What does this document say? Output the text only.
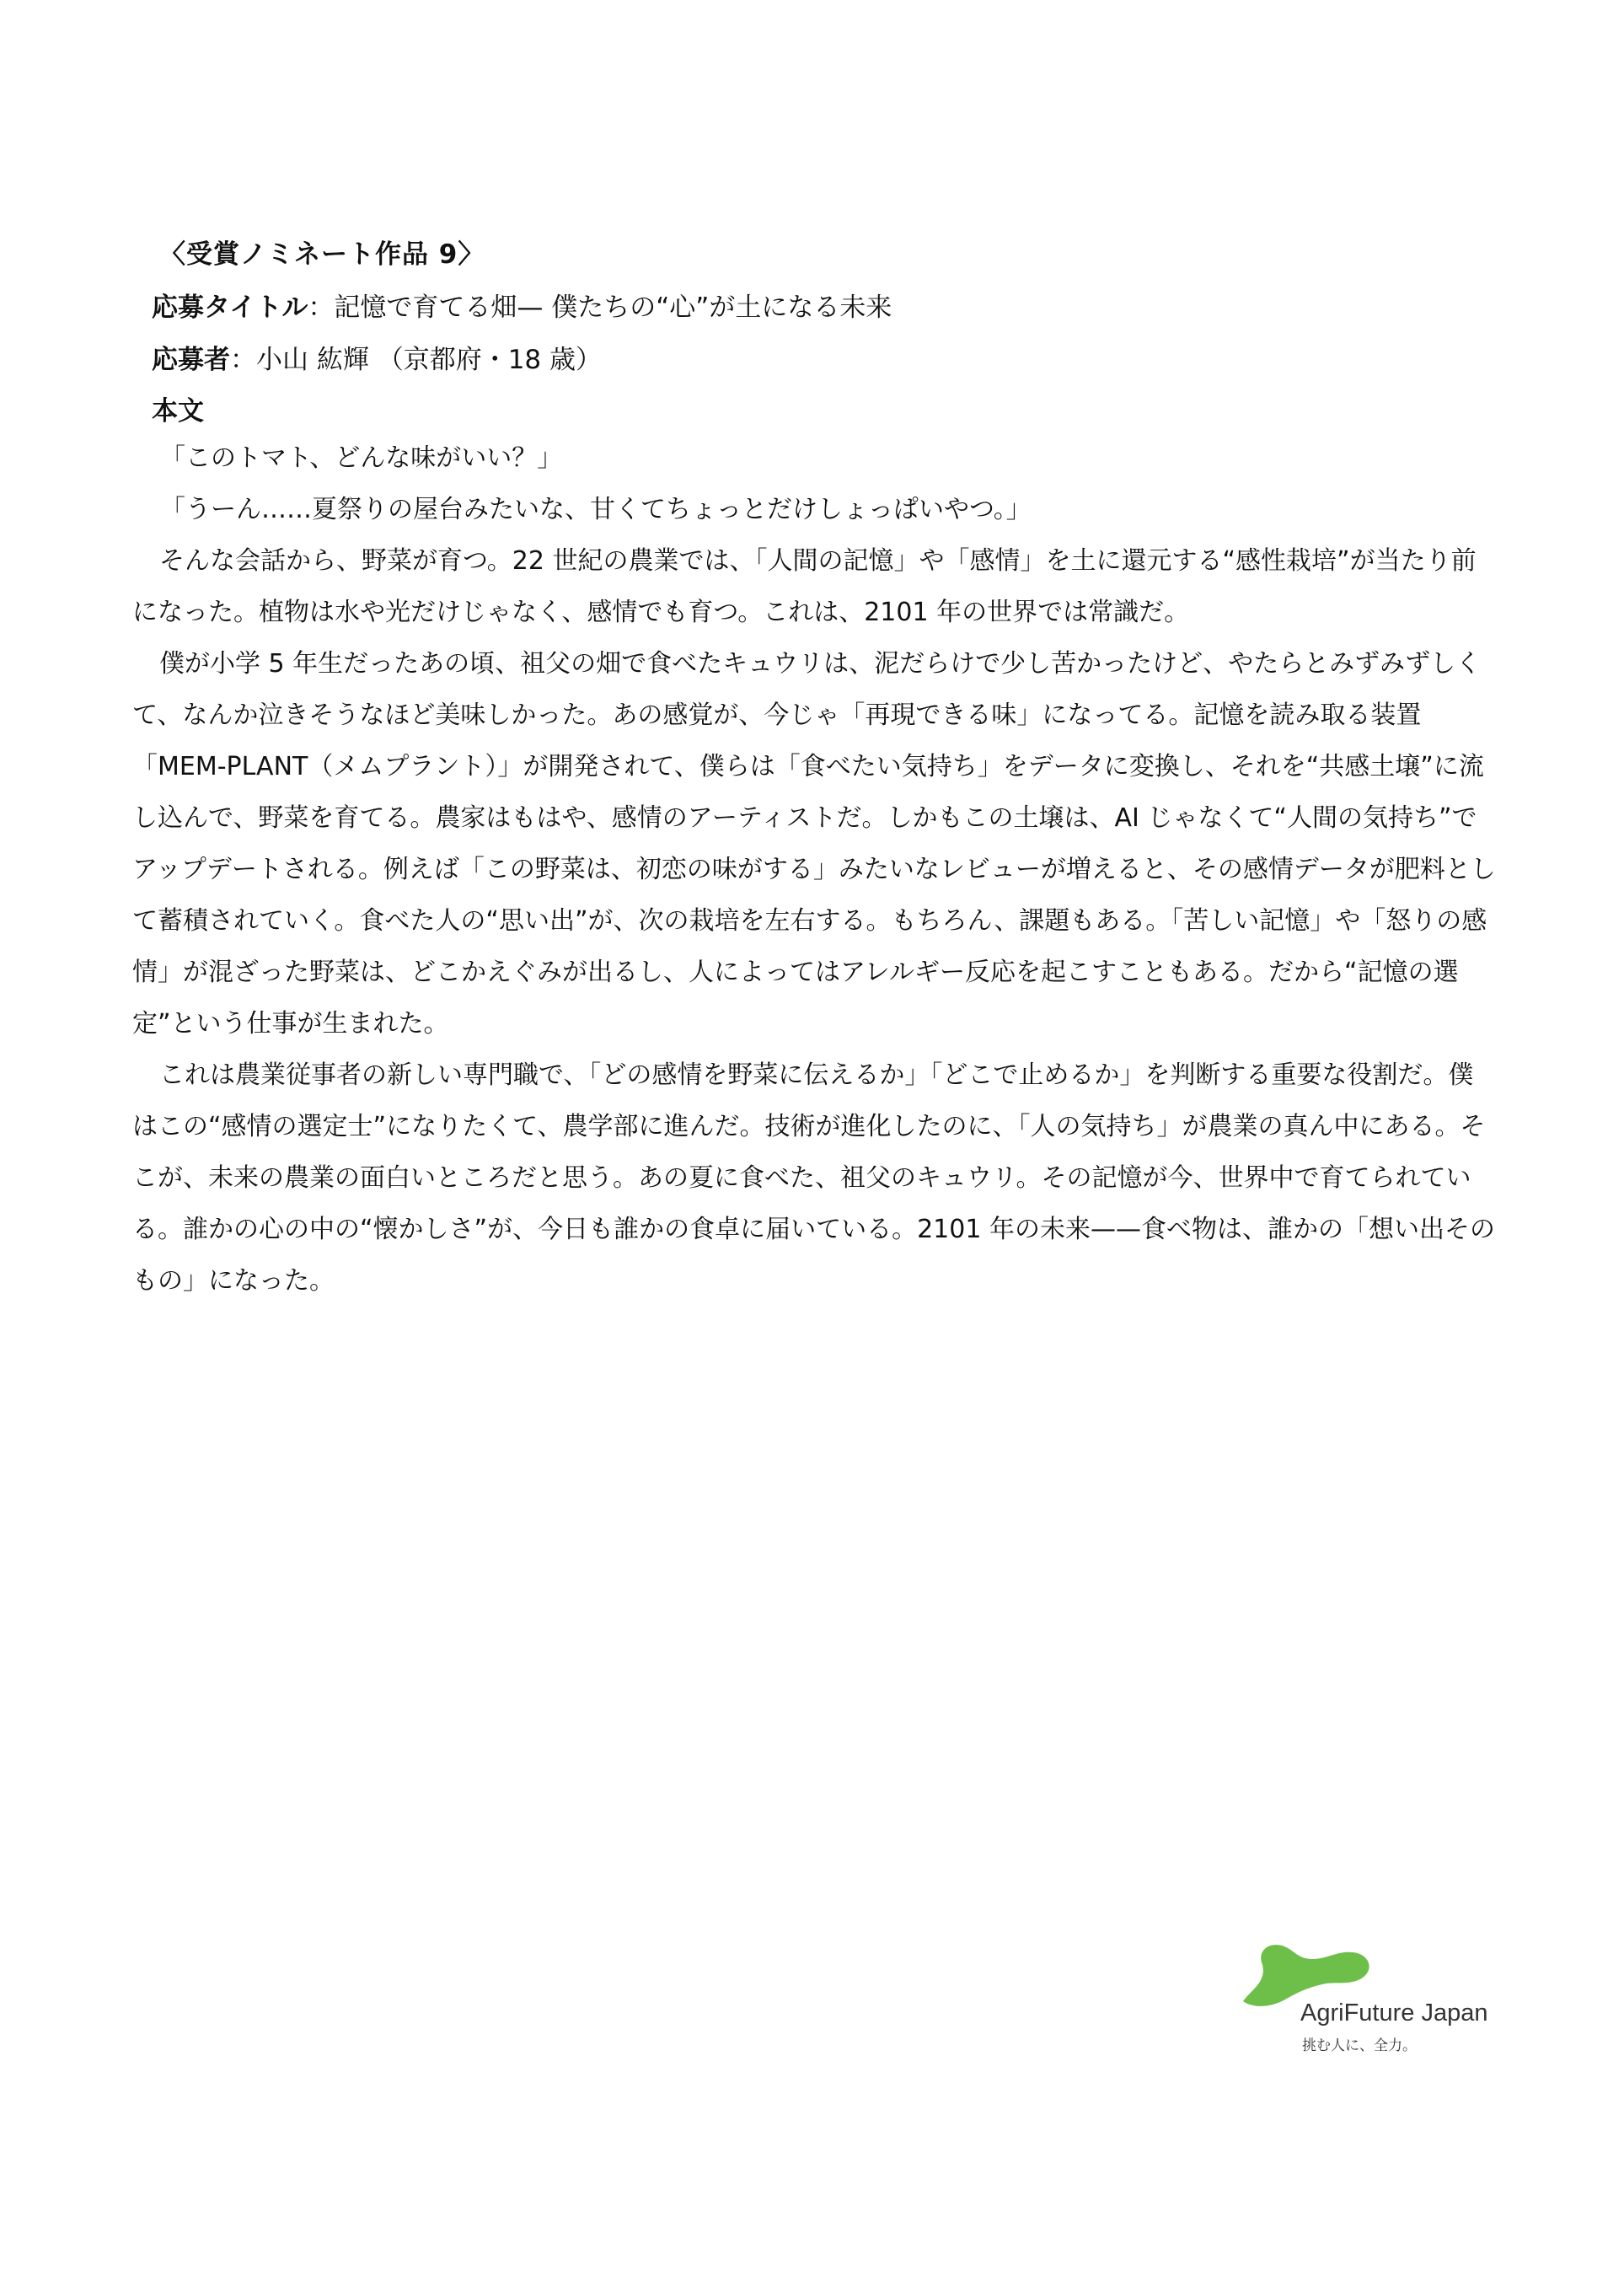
〈受賞ノミネート作品 9〉
応募タイトル：記憶で育てる畑— 僕たちの“心”が土になる未来
応募者：小山 紘輝 （京都府・18 歳）
本文

「このトマト、どんな味がいい？」

「うーん……夏祭りの屋台みたいな、甘くてちょっとだけしょっぱいやつ。」

そんな会話から、野菜が育つ。22 世紀の農業では、「人間の記憶」や「感情」を土に還元する“感性栽培”が当たり前になった。植物は水や光だけじゃなく、感情でも育つ。これは、2101 年の世界では常識だ。

僕が小学 5 年生だったあの頃、祖父の畑で食べたキュウリは、泥だらけで少し苦かったけど、やたらとみずみずしくて、なんか泣きそうなほど美味しかった。あの感覚が、今じゃ「再現できる味」になってる。記憶を読み取る装置「MEM-PLANT（メムプラント）」が開発されて、僕らは「食べたい気持ち」をデータに変換し、それを“共感土壌”に流し込んで、野菜を育てる。農家はもはや、感情のアーティストだ。しかもこの土壌は、AI じゃなくて“人間の気持ち”でアップデートされる。例えば「この野菜は、初恋の味がする」みたいなレビューが増えると、その感情データが肥料として蓄積されていく。食べた人の“思い出”が、次の栽培を左右する。もちろん、課題もある。「苦しい記憶」や「怒りの感情」が混ざった野菜は、どこかえぐみが出るし、人によってはアレルギー反応を起こすこともある。だから“記憶の選定”という仕事が生まれた。

これは農業従事者の新しい専門職で、「どの感情を野菜に伝えるか」「どこで止めるか」を判断する重要な役割だ。僕はこの“感情の選定士”になりたくて、農学部に進んだ。技術が進化したのに、「人の気持ち」が農業の真ん中にある。そこが、未来の農業の面白いところだと思う。あの夏に食べた、祖父のキュウリ。その記憶が今、世界中で育てられている。誰かの心の中の“懐かしさ”が、今日も誰かの食卓に届いている。2101 年の未来——食べ物は、誰かの「想い出そのもの」になった。

AgriFuture Japan
挑む人に、全力。
